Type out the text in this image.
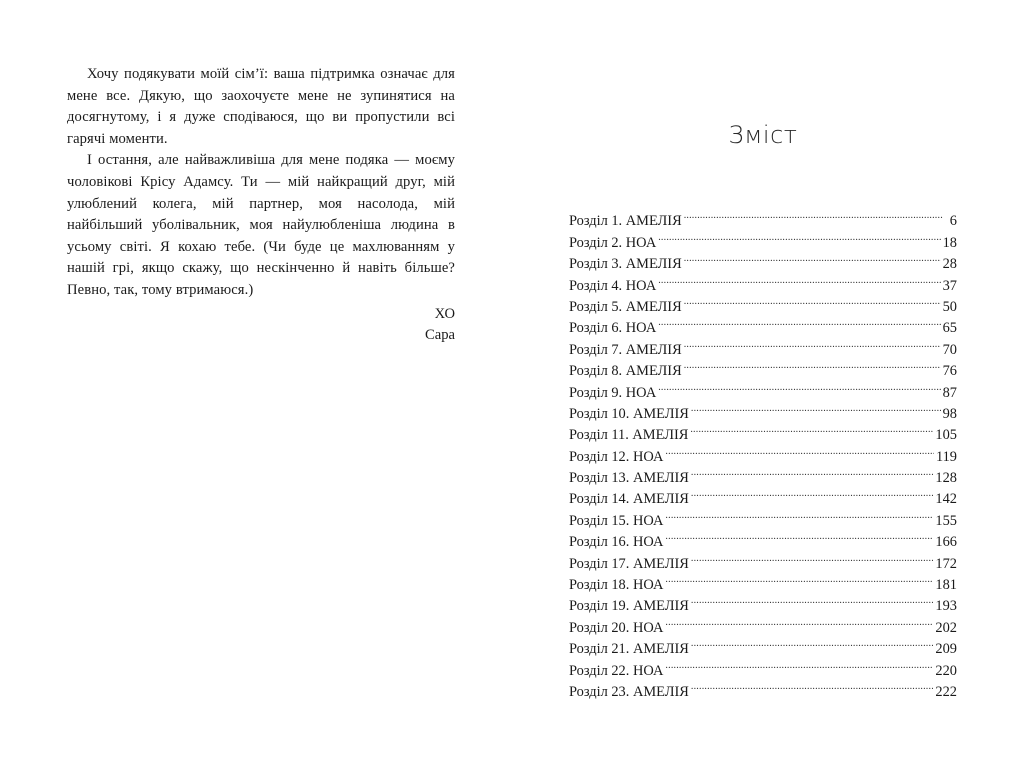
Хочу подякувати моїй сім’ї: ваша підтримка означає для мене все. Дякую, що заохочуєте мене не зупинятися на досягнутому, і я дуже сподіваюся, що ви пропустили всі гарячі моменти.

І остання, але найважливіша для мене подяка — моєму чоловікові Крісу Адамсу. Ти — мій найкращий друг, мій улюблений колега, мій партнер, моя насолода, мій найбільший уболівальник, моя найулюбленіша людина в усьому світі. Я кохаю тебе. (Чи буде це махлюванням у нашій грі, якщо скажу, що нескінченно й навіть більше? Певно, так, тому втримаюся.)

ХО
Сара
Зміст
Розділ 1. АМЕЛІЯ .....	6
Розділ 2. НОА .....	18
Розділ 3. АМЕЛІЯ .....	28
Розділ 4. НОА .....	37
Розділ 5. АМЕЛІЯ .....	50
Розділ 6. НОА .....	65
Розділ 7. АМЕЛІЯ .....	70
Розділ 8. АМЕЛІЯ .....	76
Розділ 9. НОА .....	87
Розділ 10. АМЕЛІЯ .....	98
Розділ 11. АМЕЛІЯ .....	105
Розділ 12. НОА .....	119
Розділ 13. АМЕЛІЯ .....	128
Розділ 14. АМЕЛІЯ .....	142
Розділ 15. НОА .....	155
Розділ 16. НОА .....	166
Розділ 17. АМЕЛІЯ .....	172
Розділ 18. НОА .....	181
Розділ 19. АМЕЛІЯ .....	193
Розділ 20. НОА .....	202
Розділ 21. АМЕЛІЯ .....	209
Розділ 22. НОА .....	220
Розділ 23. АМЕЛІЯ .....	222
